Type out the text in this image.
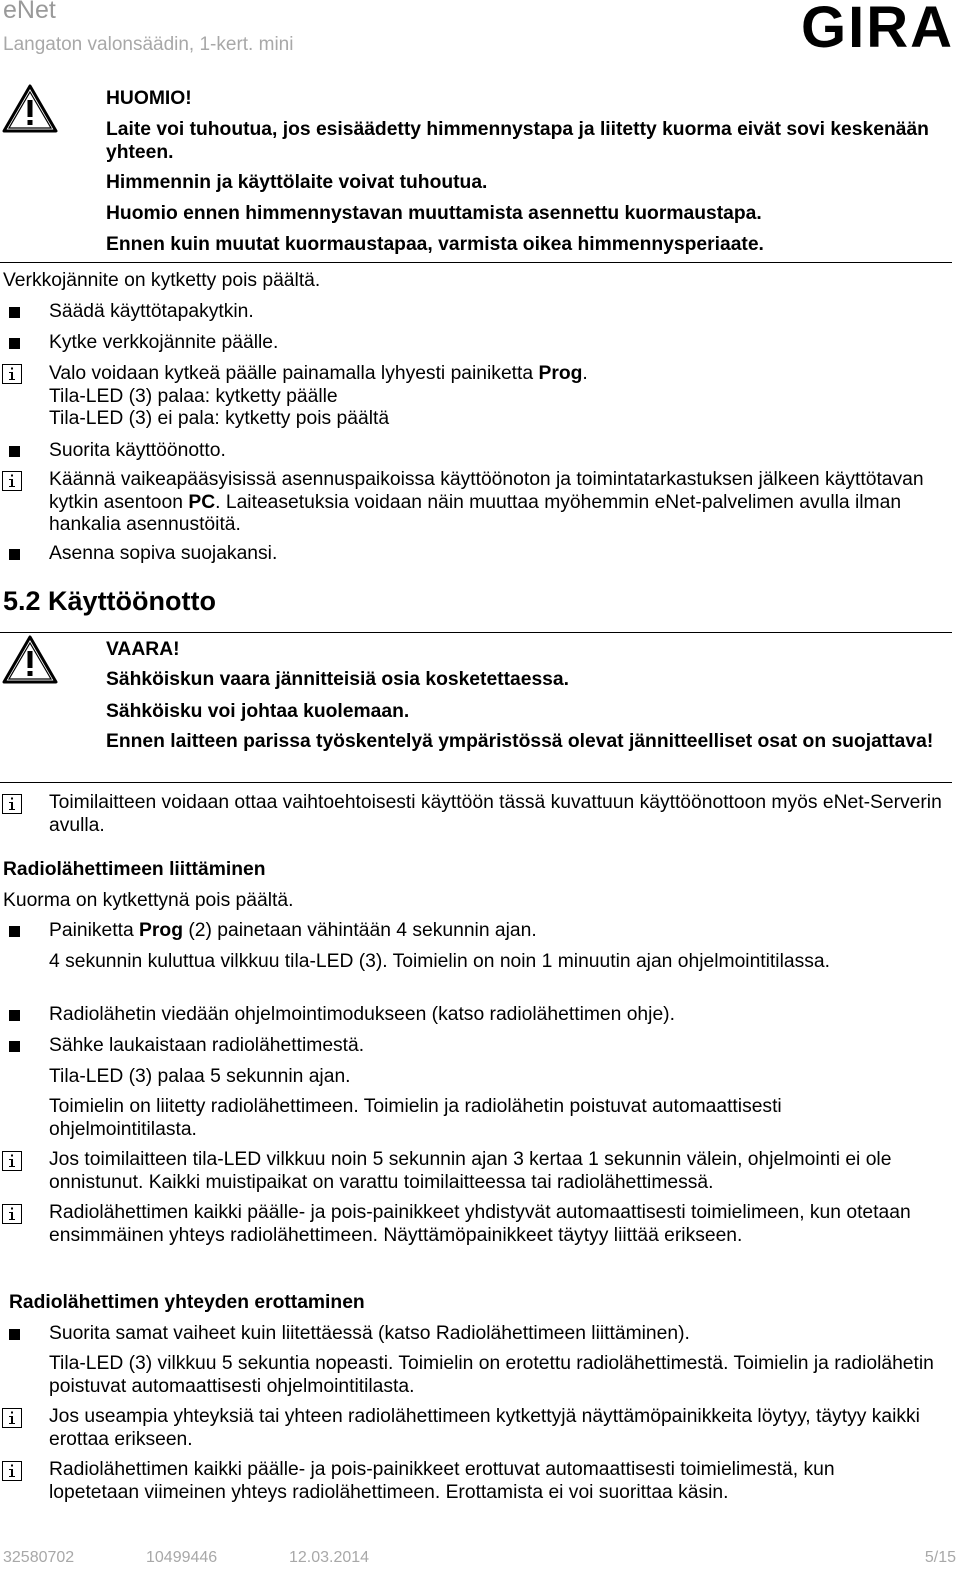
eNet
Langaton valonsäädin, 1-kert. mini	GIRA
HUOMIO!
Laite voi tuhoutua, jos esisäädetty himmennystapa ja liitetty kuorma eivät sovi keskenään yhteen.
Himmennin ja käyttölaite voivat tuhoutua.
Huomio ennen himmennystavan muuttamista asennettu kuormaustapa.
Ennen kuin muutat kuormaustapaa, varmista oikea himmennysperiaate.

Verkkojännite on kytketty pois päältä.

Säädä käyttötapakytkin.

Kytke verkkojännite päälle.

Valo voidaan kytkeä päälle painamalla lyhyesti painiketta Prog.

Tila-LED (3) palaa: kytketty päälle

Tila-LED (3) ei pala: kytketty pois päältä

Suorita käyttöönotto.

Käännä vaikeapääsyisissä asennuspaikoissa käyttöönoton ja toimintatarkastuksen jälkeen käyttötavan kytkin asentoon PC. Laiteasetuksia voidaan näin muuttaa myöhemmin eNet-palvelimen avulla ilman hankalia asennustöitä.

Asenna sopiva suojakansi.

5.2 Käyttöönotto
VAARA!
Sähköiskun vaara jännitteisiä osia kosketettaessa.
Sähköisku voi johtaa kuolemaan.
Ennen laitteen parissa työskentelyä ympäristössä olevat jännitteelliset osat on suojattava!

Toimilaitteen voidaan ottaa vaihtoehtoisesti käyttöön tässä kuvattuun käyttöönottoon myös eNet-Serverin avulla.

Radiolähettimeen liittäminen

Kuorma on kytkettynä pois päältä.

Painiketta Prog (2) painetaan vähintään 4 sekunnin ajan.

4 sekunnin kuluttua vilkkuu tila-LED (3). Toimielin on noin 1 minuutin ajan ohjelmointitilassa.

Radiolähetin viedään ohjelmointimodukseen (katso radiolähettimen ohje).

Sähke laukaistaan radiolähettimestä.

Tila-LED (3) palaa 5 sekunnin ajan.

Toimielin on liitetty radiolähettimeen. Toimielin ja radiolähetin poistuvat automaattisesti ohjelmointitilasta.

Jos toimilaitteen tila-LED vilkkuu noin 5 sekunnin ajan 3 kertaa 1 sekunnin välein, ohjelmointi ei ole onnistunut. Kaikki muistipaikat on varattu toimilaitteessa tai radiolähettimessä.

Radiolähettimen kaikki päälle- ja pois-painikkeet yhdistyvät automaattisesti toimielimeen, kun otetaan ensimmäinen yhteys radiolähettimeen. Näyttämöpainikkeet täytyy liittää erikseen.

Radiolähettimen yhteyden erottaminen

Suorita samat vaiheet kuin liitettäessä (katso Radiolähettimeen liittäminen).

Tila-LED (3) vilkkuu 5 sekuntia nopeasti. Toimielin on erotettu radiolähettimestä. Toimielin ja radiolähetin poistuvat automaattisesti ohjelmointitilasta.

Jos useampia yhteyksiä tai yhteen radiolähettimeen kytkettyjä näyttämöpainikkeita löytyy, täytyy kaikki erottaa erikseen.

Radiolähettimen kaikki päälle- ja pois-painikkeet erottuvat automaattisesti toimielimestä, kun lopetetaan viimeinen yhteys radiolähettimeen. Erottamista ei voi suorittaa käsin.

32580702	10499446	12.03.2014	5/15
